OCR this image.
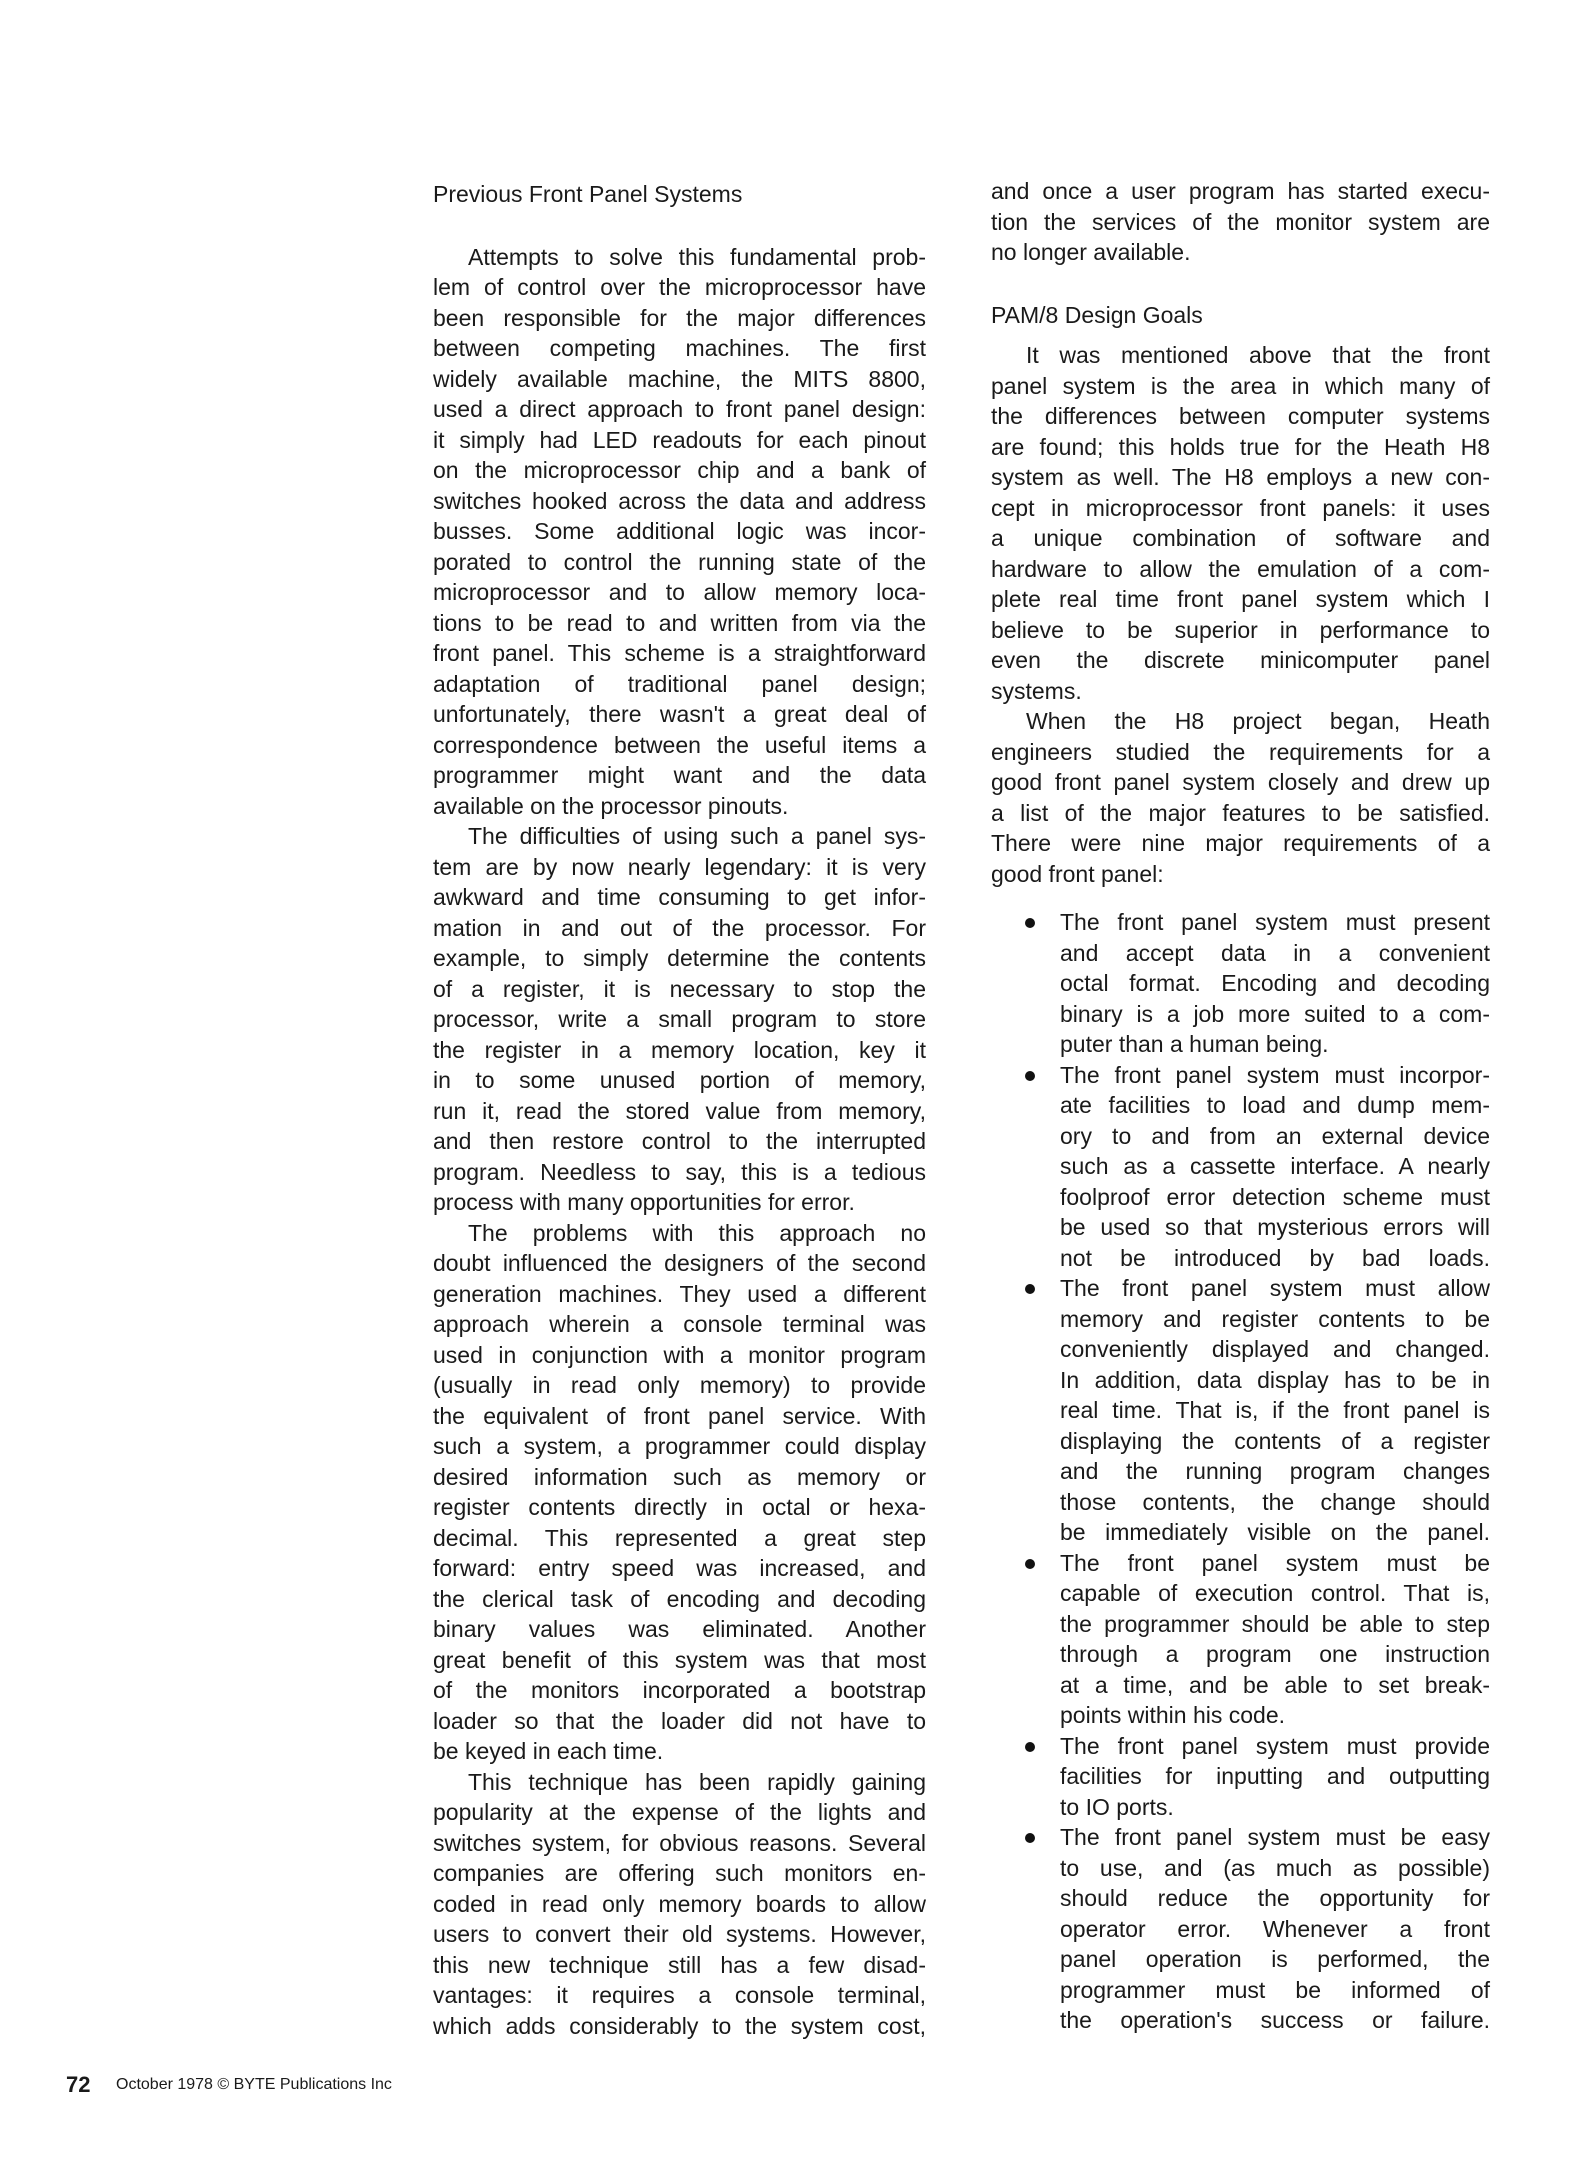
Previous Front Panel Systems
Attempts to solve this fundamental prob-
lem of control over the microprocessor have
been responsible for the major differences
between competing machines. The first
widely available machine, the MITS 8800,
used a direct approach to front panel design:
it simply had LED readouts for each pinout
on the microprocessor chip and a bank of
switches hooked across the data and address
busses. Some additional logic was incor-
porated to control the running state of the
microprocessor and to allow memory loca-
tions to be read to and written from via the
front panel. This scheme is a straightforward
adaptation of traditional panel design;
unfortunately, there wasn't a great deal of
correspondence between the useful items a
programmer might want and the data
available on the processor pinouts.
The difficulties of using such a panel sys-
tem are by now nearly legendary: it is very
awkward and time consuming to get infor-
mation in and out of the processor. For
example, to simply determine the contents
of a register, it is necessary to stop the
processor, write a small program to store
the register in a memory location, key it
in to some unused portion of memory,
run it, read the stored value from memory,
and then restore control to the interrupted
program. Needless to say, this is a tedious
process with many opportunities for error.
The problems with this approach no
doubt influenced the designers of the second
generation machines. They used a different
approach wherein a console terminal was
used in conjunction with a monitor program
(usually in read only memory) to provide
the equivalent of front panel service. With
such a system, a programmer could display
desired information such as memory or
register contents directly in octal or hexa-
decimal. This represented a great step
forward: entry speed was increased, and
the clerical task of encoding and decoding
binary values was eliminated. Another
great benefit of this system was that most
of the monitors incorporated a bootstrap
loader so that the loader did not have to
be keyed in each time.
This technique has been rapidly gaining
popularity at the expense of the lights and
switches system, for obvious reasons. Several
companies are offering such monitors en-
coded in read only memory boards to allow
users to convert their old systems. However,
this new technique still has a few disad-
vantages: it requires a console terminal,
which adds considerably to the system cost,
and once a user program has started execu-
tion the services of the monitor system are
no longer available.
PAM/8 Design Goals
It was mentioned above that the front
panel system is the area in which many of
the differences between computer systems
are found; this holds true for the Heath H8
system as well. The H8 employs a new con-
cept in microprocessor front panels: it uses
a unique combination of software and
hardware to allow the emulation of a com-
plete real time front panel system which I
believe to be superior in performance to
even the discrete minicomputer panel
systems.
When the H8 project began, Heath
engineers studied the requirements for a
good front panel system closely and drew up
a list of the major features to be satisfied.
There were nine major requirements of a
good front panel:
The front panel system must present
and accept data in a convenient
octal format. Encoding and decoding
binary is a job more suited to a com-
puter than a human being.
The front panel system must incorpor-
ate facilities to load and dump mem-
ory to and from an external device
such as a cassette interface. A nearly
foolproof error detection scheme must
be used so that mysterious errors will
not be introduced by bad loads.
The front panel system must allow
memory and register contents to be
conveniently displayed and changed.
In addition, data display has to be in
real time. That is, if the front panel is
displaying the contents of a register
and the running program changes
those contents, the change should
be immediately visible on the panel.
The front panel system must be
capable of execution control. That is,
the programmer should be able to step
through a program one instruction
at a time, and be able to set break-
points within his code.
The front panel system must provide
facilities for inputting and outputting
to IO ports.
The front panel system must be easy
to use, and (as much as possible)
should reduce the opportunity for
operator error. Whenever a front
panel operation is performed, the
programmer must be informed of
the operation's success or failure.
72 October 1978 © BYTE Publications Inc
